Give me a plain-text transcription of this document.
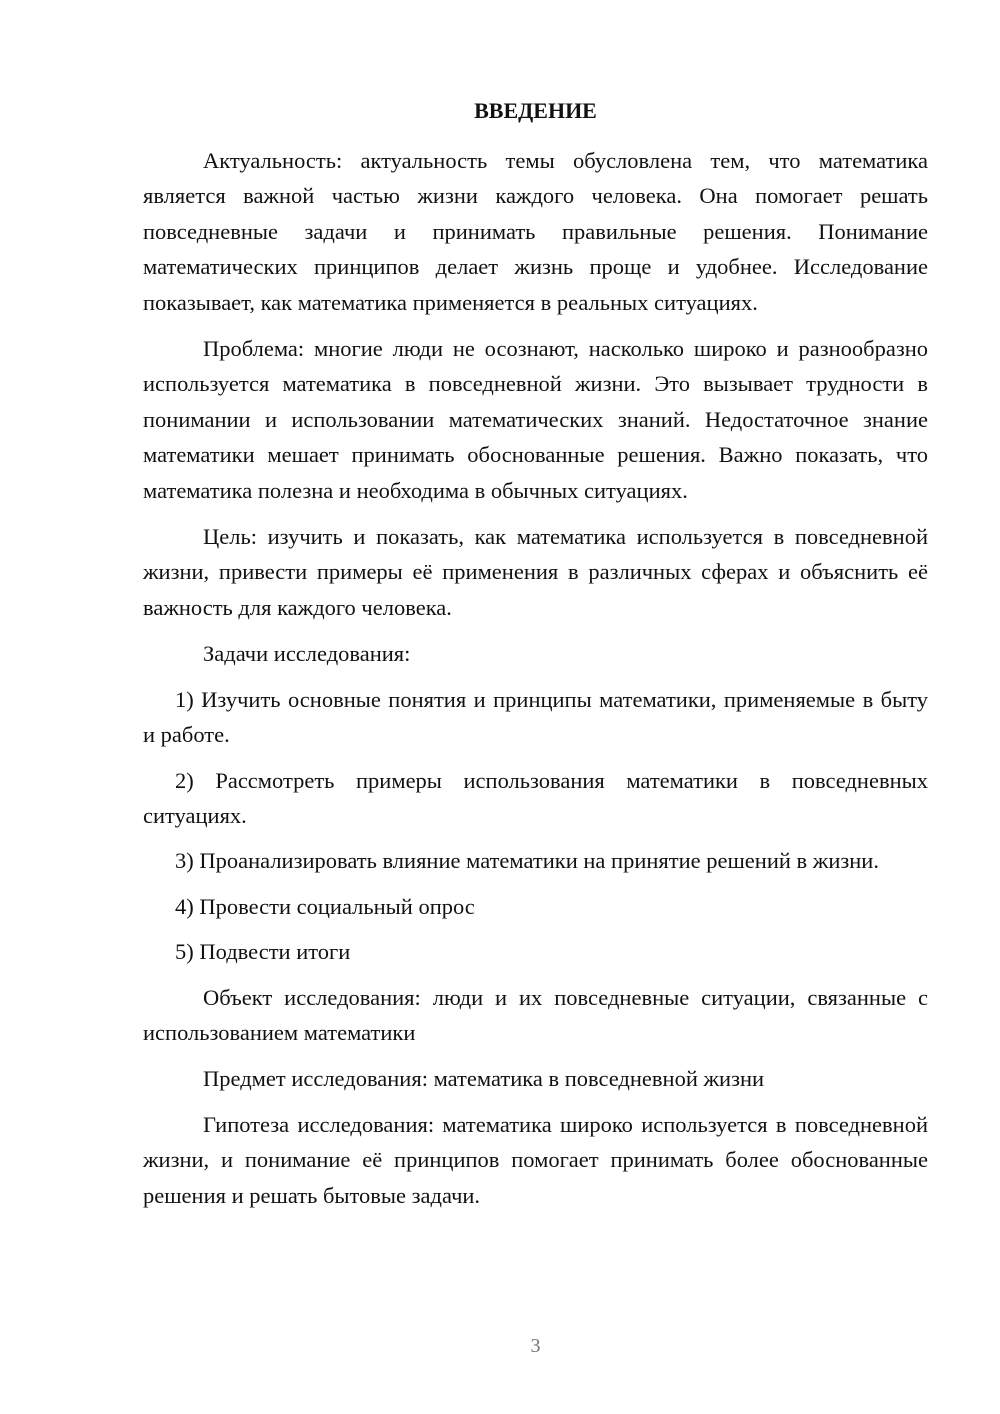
ВВЕДЕНИЕ

Актуальность: актуальность темы обусловлена тем, что математика является важной частью жизни каждого человека. Она помогает решать повседневные задачи и принимать правильные решения. Понимание математических принципов делает жизнь проще и удобнее. Исследование показывает, как математика применяется в реальных ситуациях.

Проблема: многие люди не осознают, насколько широко и разнообразно используется математика в повседневной жизни. Это вызывает трудности в понимании и использовании математических знаний. Недостаточное знание математики мешает принимать обоснованные решения. Важно показать, что математика полезна и необходима в обычных ситуациях.

Цель: изучить и показать, как математика используется в повседневной жизни, привести примеры её применения в различных сферах и объяснить её важность для каждого человека.

Задачи исследования:

1) Изучить основные понятия и принципы математики, применяемые в быту и работе.

2) Рассмотреть примеры использования математики в повседневных ситуациях.

3) Проанализировать влияние математики на принятие решений в жизни.

4) Провести социальный опрос

5) Подвести итоги

Объект исследования: люди и их повседневные ситуации, связанные с использованием математики

Предмет исследования: математика в повседневной жизни

Гипотеза исследования: математика широко используется в повседневной жизни, и понимание её принципов помогает принимать более обоснованные решения и решать бытовые задачи.

3
